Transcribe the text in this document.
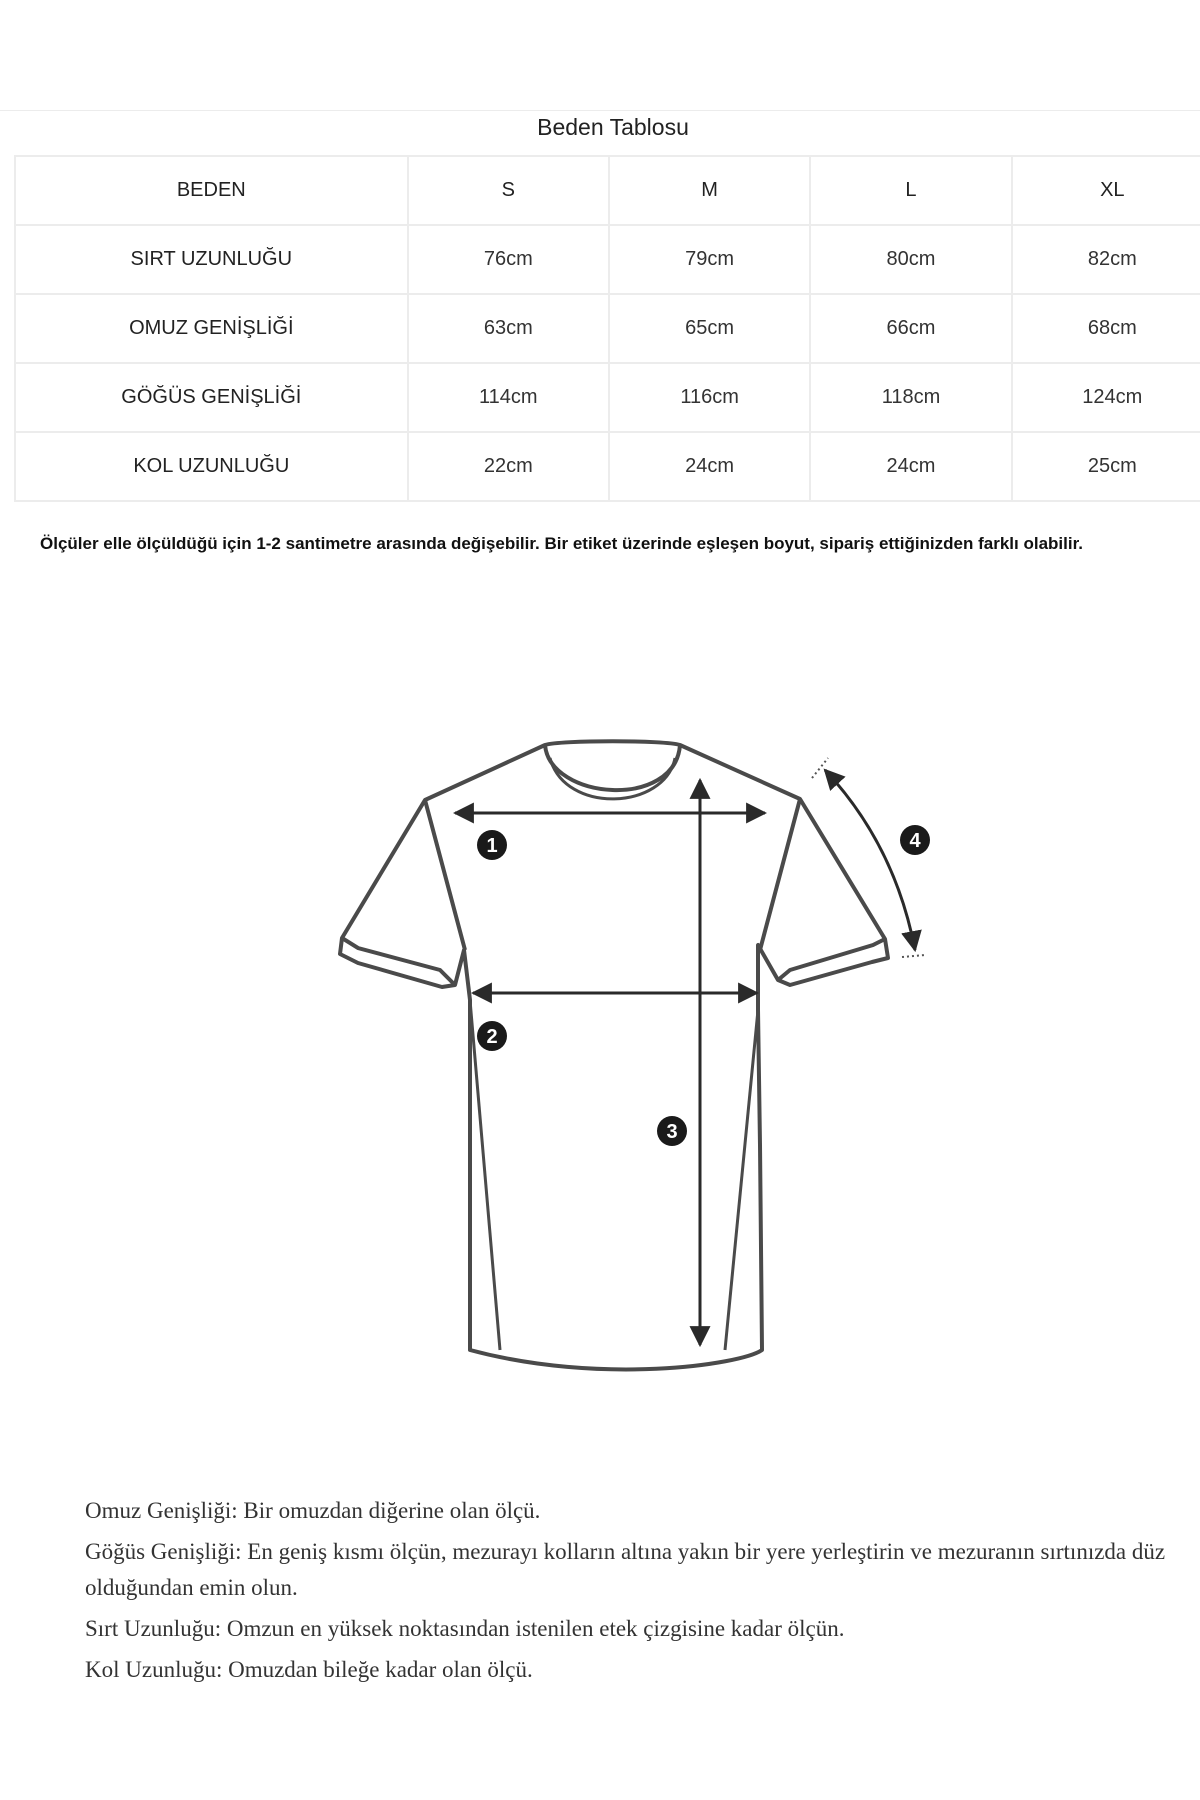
Beden Tablosu
BEDEN	S	M	L	XL
SIRT UZUNLUĞU	76cm	79cm	80cm	82cm
OMUZ GENİŞLİĞİ	63cm	65cm	66cm	68cm
GÖĞÜS GENİŞLİĞİ	114cm	116cm	118cm	124cm
KOL UZUNLUĞU	22cm	24cm	24cm	25cm
Ölçüler elle ölçüldüğü için 1-2 santimetre arasında değişebilir. Bir etiket üzerinde eşleşen boyut, sipariş ettiğinizden farklı olabilir.
1
2
3
4

Omuz Genişliği: Bir omuzdan diğerine olan ölçü.

Göğüs Genişliği: En geniş kısmı ölçün, mezurayı kolların altına yakın bir yere yerleştirin ve mezuranın sırtınızda düz olduğundan emin olun.

Sırt Uzunluğu: Omzun en yüksek noktasından istenilen etek çizgisine kadar ölçün.

Kol Uzunluğu: Omuzdan bileğe kadar olan ölçü.
